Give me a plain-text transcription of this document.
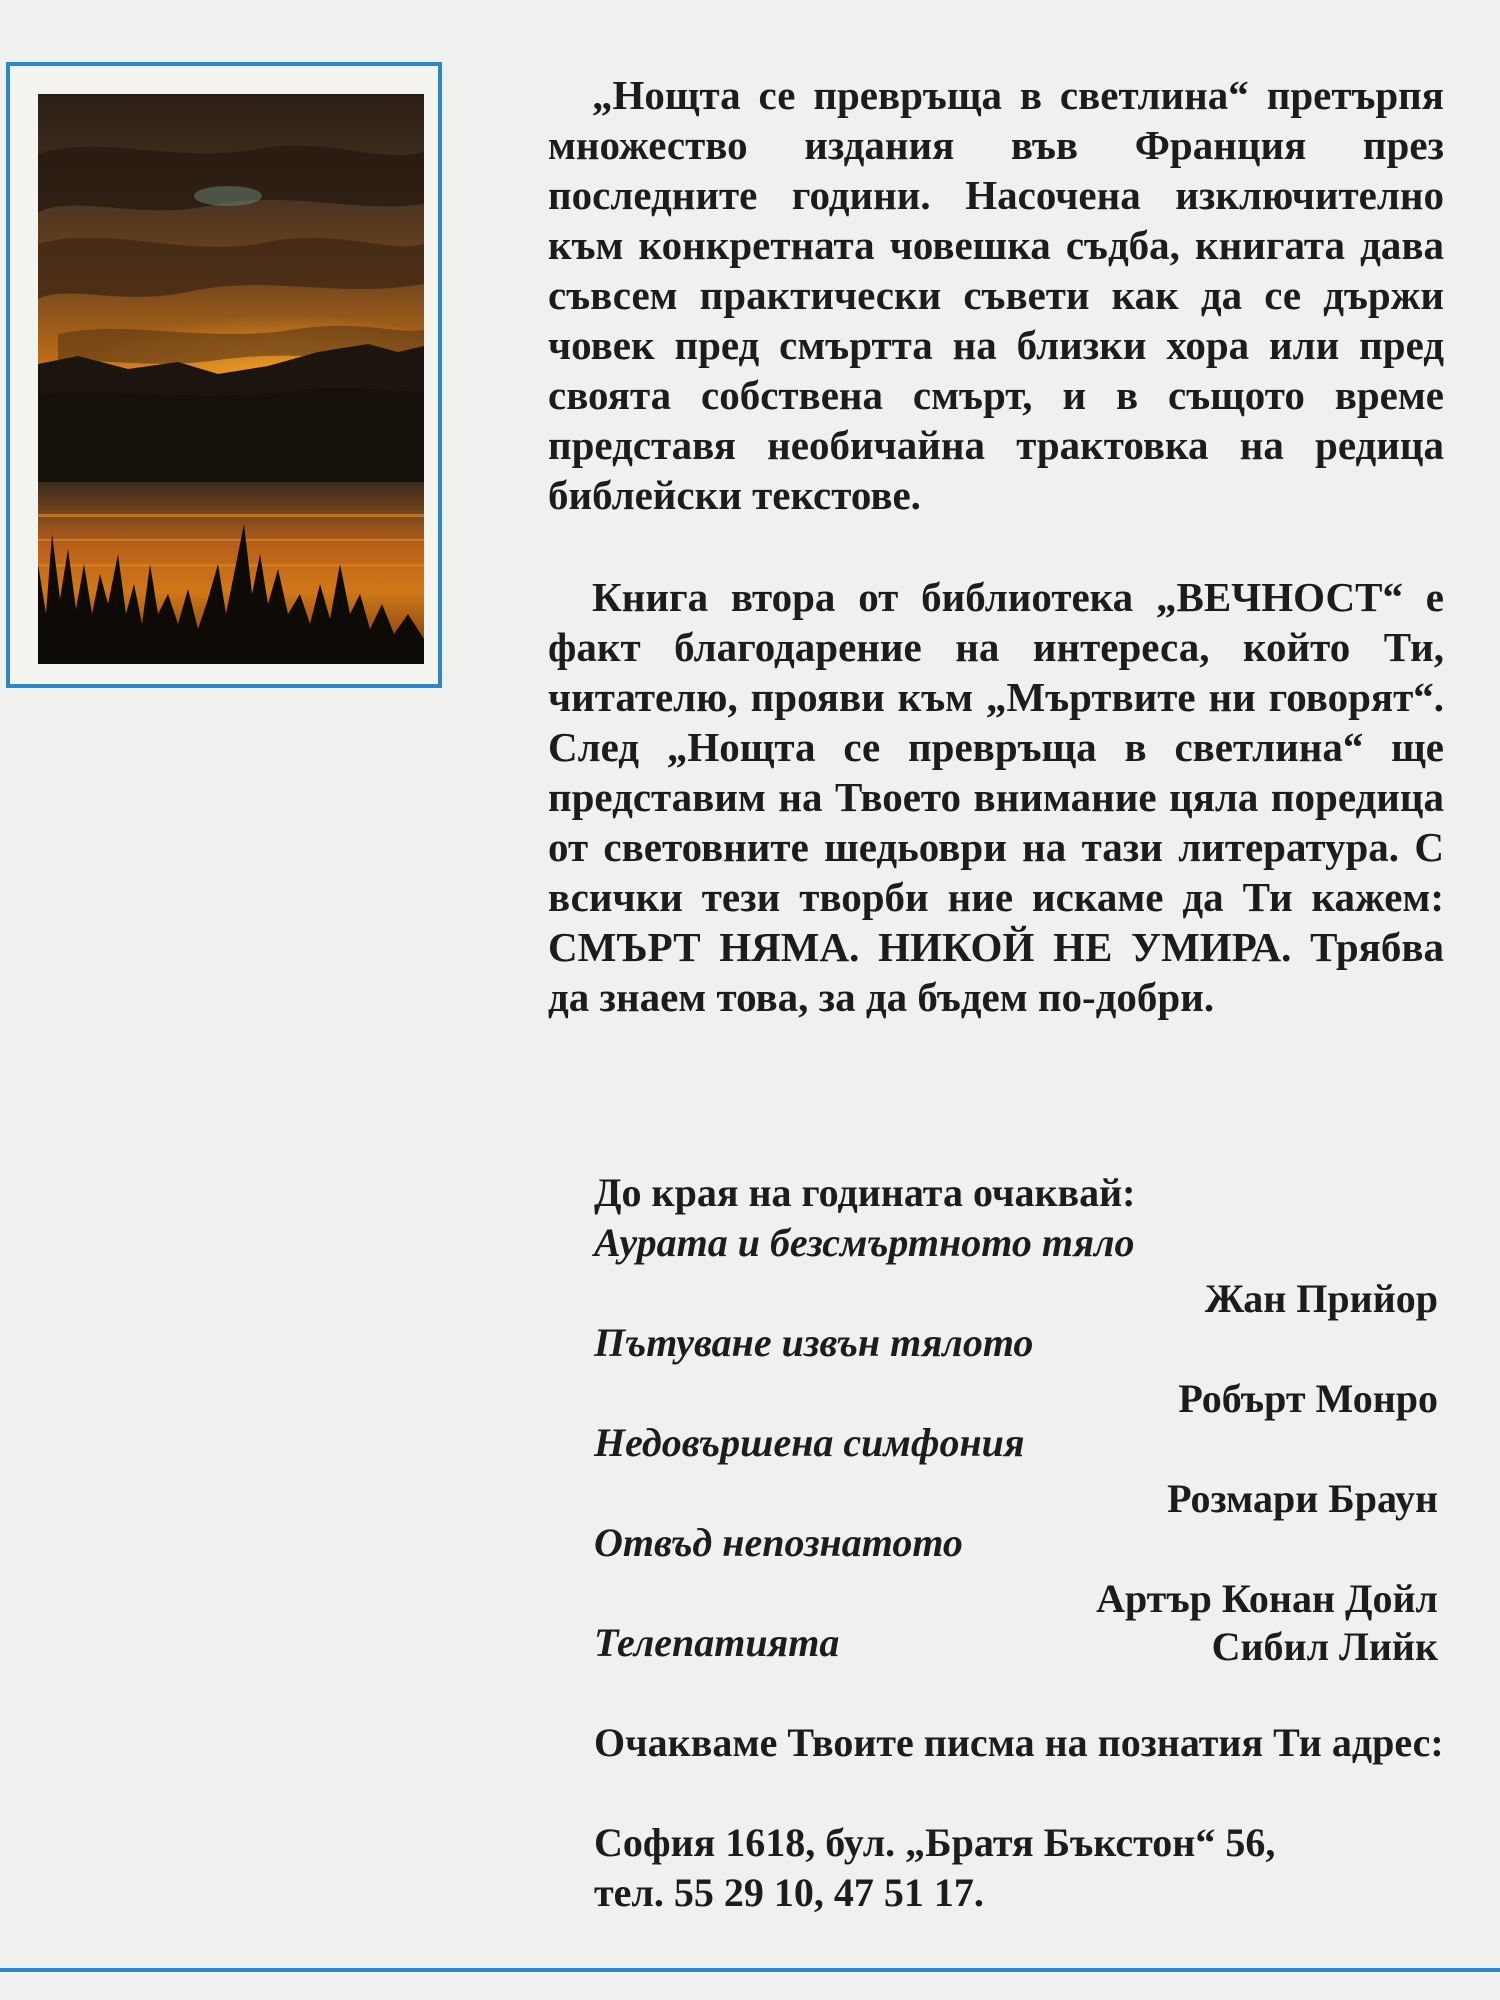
„Нощта се превръща в светлина“ претърпя множество издания във Франция през последните години. Насочена изключително към конкретната човешка съдба, книгата дава съвсем практически съвети как да се държи човек пред смъртта на близки хора или пред своята собствена смърт, и в същото време представя необичайна трактовка на редица библейски текстове.

Книга втора от библиотека „ВЕЧНОСТ“ е факт благодарение на интереса, който Ти, читателю, прояви към „Мъртвите ни говорят“. След „Нощта се превръща в светлина“ ще представим на Твоето внимание цяла поредица от световните шедьоври на тази литература. С всички тези творби ние искаме да Ти кажем: СМЪРТ НЯМА. НИКОЙ НЕ УМИРА. Трябва да знаем това, за да бъдем по-добри.

До края на годината очаквай:
Аурата и безсмъртното тяло
Жан Прийор
Пътуване извън тялото
Робърт Монро
Недовършена симфония
Розмари Браун
Отвъд непознатото
Артър Конан Дойл
Телепатията	Сибил Лийк

Очакваме Твоите писма на познатия Ти адрес:

София 1618, бул. „Братя Бъкстон“ 56,
тел. 55 29 10, 47 51 17.
